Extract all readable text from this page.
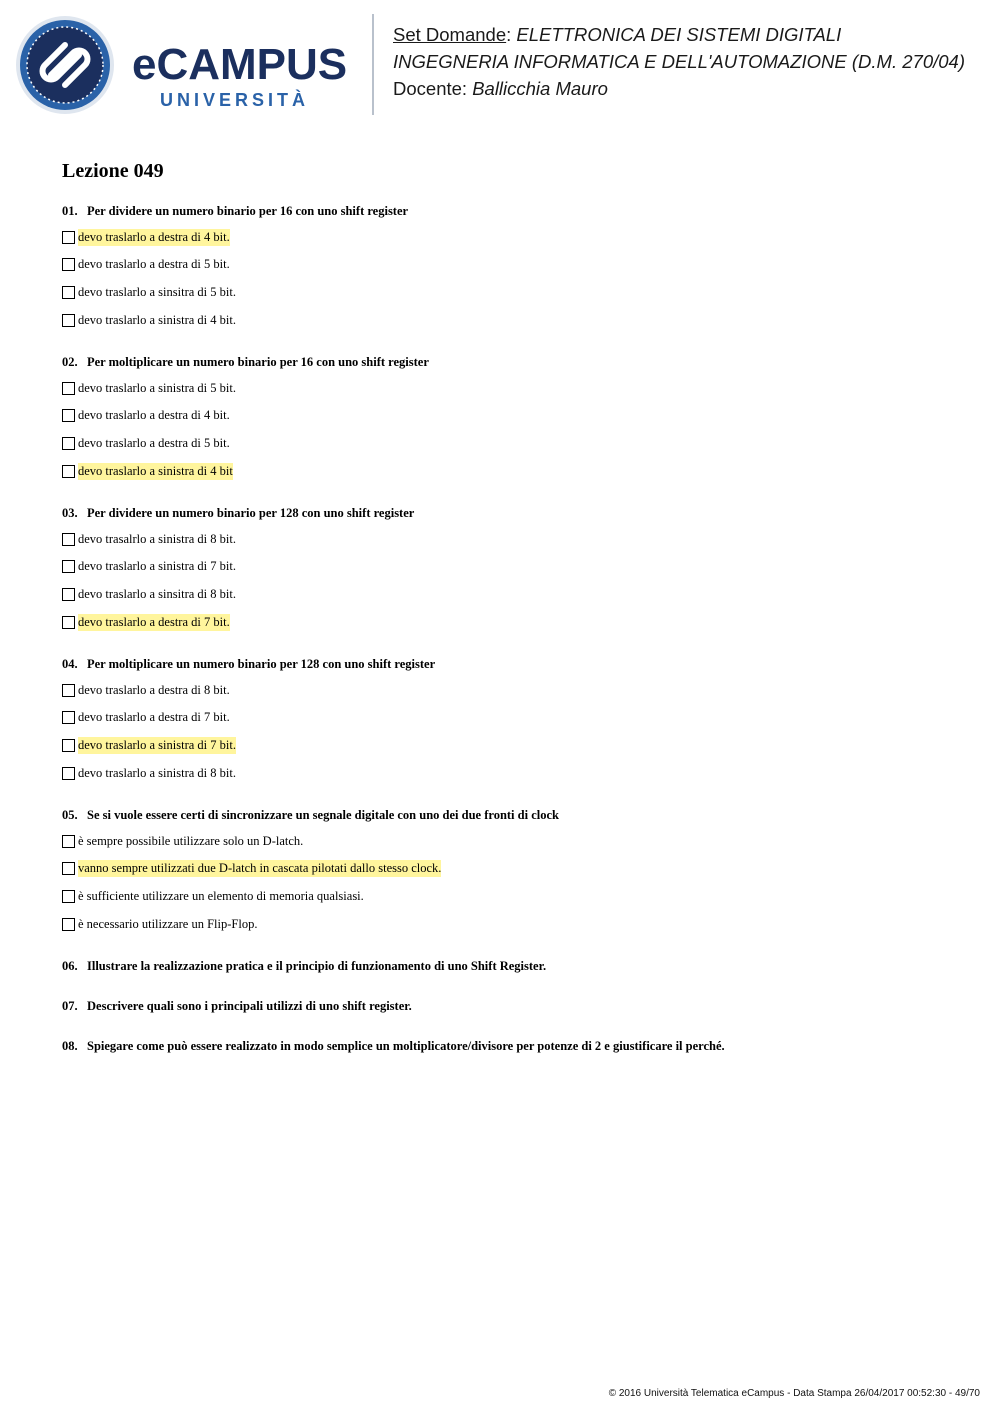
eCAMPUS
UNIVERSITÀ
Set Domande: ELETTRONICA DEI SISTEMI DIGITALI
INGEGNERIA INFORMATICA E DELL'AUTOMAZIONE (D.M. 270/04)
Docente: Ballicchia Mauro
Lezione 049
01. Per dividere un numero binario per 16 con uno shift register
devo traslarlo a destra di 4 bit.
devo traslarlo a destra di 5 bit.
devo traslarlo a sinsitra di 5 bit.
devo traslarlo a sinistra di 4 bit.
02. Per moltiplicare un numero binario per 16 con uno shift register
devo traslarlo a sinistra di 5 bit.
devo traslarlo a destra di 4 bit.
devo traslarlo a destra di 5 bit.
devo traslarlo a sinistra di 4 bit
03. Per dividere un numero binario per 128 con uno shift register
devo trasalrlo a sinistra di 8 bit.
devo traslarlo a sinistra di 7 bit.
devo traslarlo a sinsitra di 8 bit.
devo traslarlo a destra di 7 bit.
04. Per moltiplicare un numero binario per 128 con uno shift register
devo traslarlo a destra di 8 bit.
devo traslarlo a destra di 7 bit.
devo traslarlo a sinistra di 7 bit.
devo traslarlo a sinistra di 8 bit.
05. Se si vuole essere certi di sincronizzare un segnale digitale con uno dei due fronti di clock
è sempre possibile utilizzare solo un D-latch.
vanno sempre utilizzati due D-latch in cascata pilotati dallo stesso clock.
è sufficiente utilizzare un elemento di memoria qualsiasi.
è necessario utilizzare un Flip-Flop.
06. Illustrare la realizzazione pratica e il principio di funzionamento di uno Shift Register.
07. Descrivere quali sono i principali utilizzi di uno shift register.
08. Spiegare come può essere realizzato in modo semplice un moltiplicatore/divisore per potenze di 2 e giustificare il perché.
© 2016 Università Telematica eCampus - Data Stampa 26/04/2017 00:52:30 - 49/70
